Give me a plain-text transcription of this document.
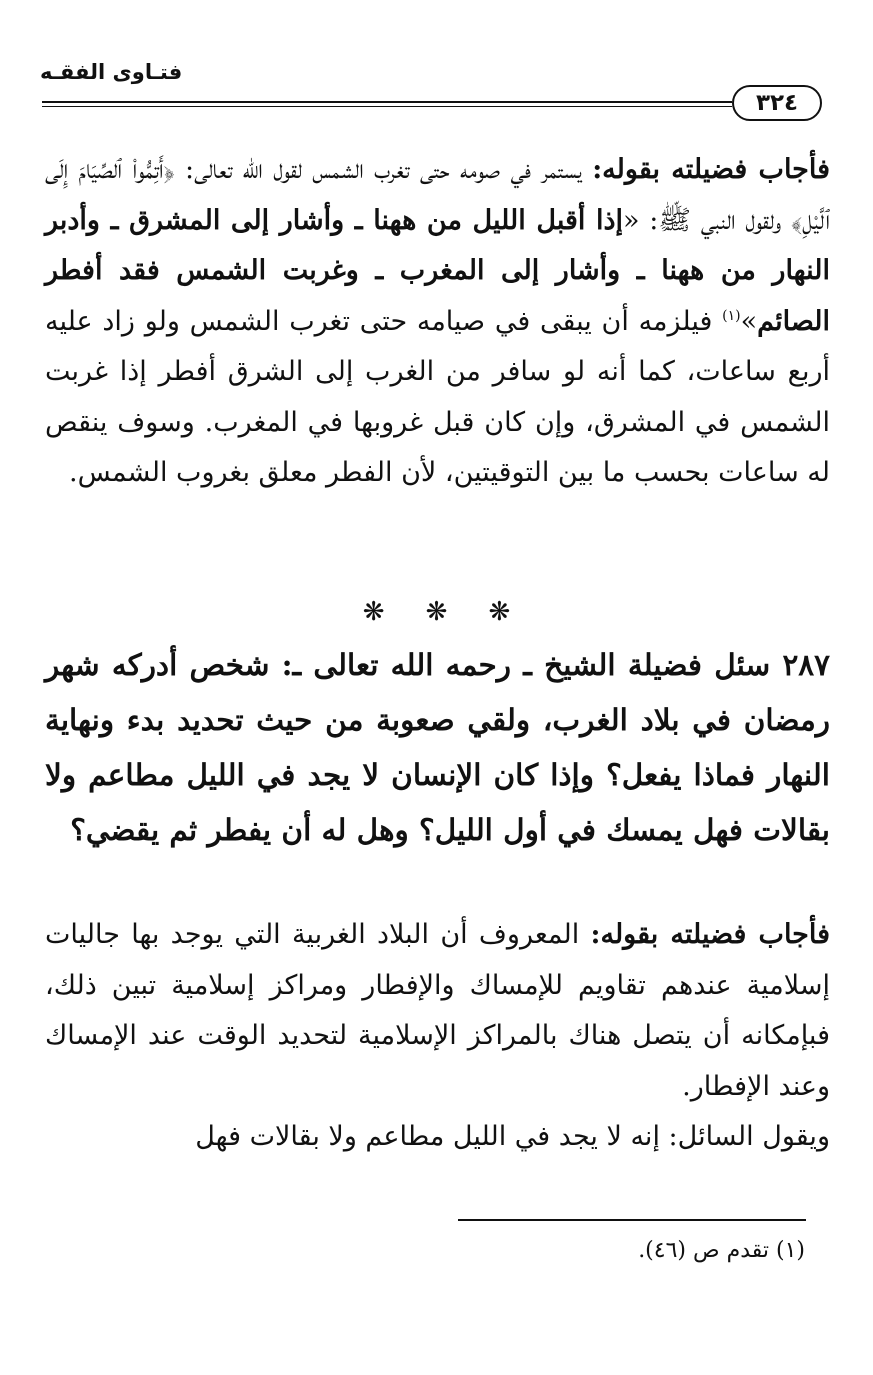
فتـاوى الفقـه
٣٢٤

فأجاب فضيلته بقوله: يستمر في صومه حتى تغرب الشمس لقول الله تعالى: ﴿أَتِمُّوا۟ ٱلصِّيَامَ إِلَى ٱلَّيْلِ﴾ ولقول النبي ﷺ: «إذا أقبل الليل من ههنا ـ وأشار إلى المشرق ـ وأدبر النهار من ههنا ـ وأشار إلى المغرب ـ وغربت الشمس فقد أفطر الصائم»$^{(١)}$ فيلزمه أن يبقى في صيامه حتى تغرب الشمس ولو زاد عليه أربع ساعات، كما أنه لو سافر من الغرب إلى الشرق أفطر إذا غربت الشمس في المشرق، وإن كان قبل غروبها في المغرب. وسوف ينقص له ساعات بحسب ما بين التوقيتين، لأن الفطر معلق بغروب الشمس.

❋ ❋ ❋

٢٨٧ سئل فضيلة الشيخ ـ رحمه الله تعالى ـ: شخص أدركه شهر رمضان في بلاد الغرب، ولقي صعوبة من حيث تحديد بدء ونهاية النهار فماذا يفعل؟ وإذا كان الإنسان لا يجد في الليل مطاعم ولا بقالات فهل يمسك في أول الليل؟ وهل له أن يفطر ثم يقضي؟

فأجاب فضيلته بقوله: المعروف أن البلاد الغربية التي يوجد بها جاليات إسلامية عندهم تقاويم للإمساك والإفطار ومراكز إسلامية تبين ذلك، فبإمكانه أن يتصل هناك بالمراكز الإسلامية لتحديد الوقت عند الإمساك وعند الإفطار.

ويقول السائل: إنه لا يجد في الليل مطاعم ولا بقالات فهل

(١) تقدم ص (٤٦).
